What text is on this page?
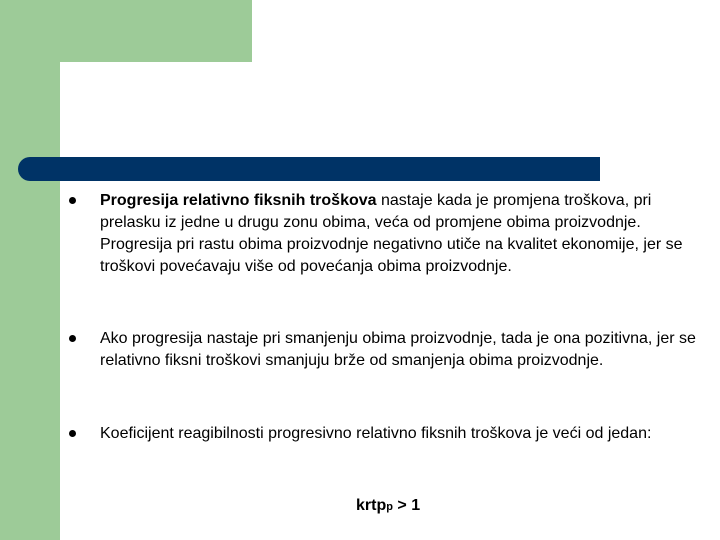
Progresija relativno fiksnih troškova nastaje kada je promjena troškova, pri prelasku iz jedne u drugu zonu obima, veća od promjene obima proizvodnje. Progresija pri rastu obima proizvodnje negativno utiče na kvalitet ekonomije, jer se troškovi povećavaju više od povećanja obima proizvodnje.
Ako progresija nastaje pri smanjenju obima proizvodnje, tada je ona pozitivna, jer se relativno fiksni troškovi smanjuju brže od smanjenja obima proizvodnje.
Koeficijent reagibilnosti progresivno relativno fiksnih troškova je veći od jedan:
krtpp > 1
